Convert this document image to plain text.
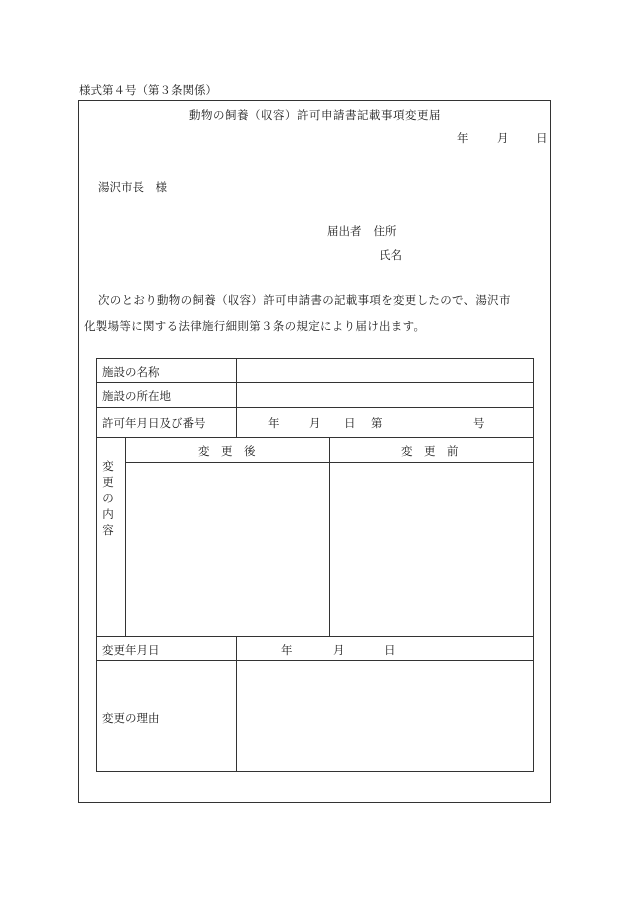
様式第４号（第３条関係）
動物の飼養（収容）許可申請書記載事項変更届
年 月 日
湯沢市長　様
届出者 住所
氏名
次のとおり動物の飼養（収容）許可申請書の記載事項を変更したので、湯沢市
化製場等に関する法律施行細則第３条の規定により届け出ます。
施設の名称
施設の所在地
許可年月日及び番号	年	月 日 第	号
変
更
の
内
容
変　更　後	変　更　前
変更年月日	年	月	日
変更の理由
